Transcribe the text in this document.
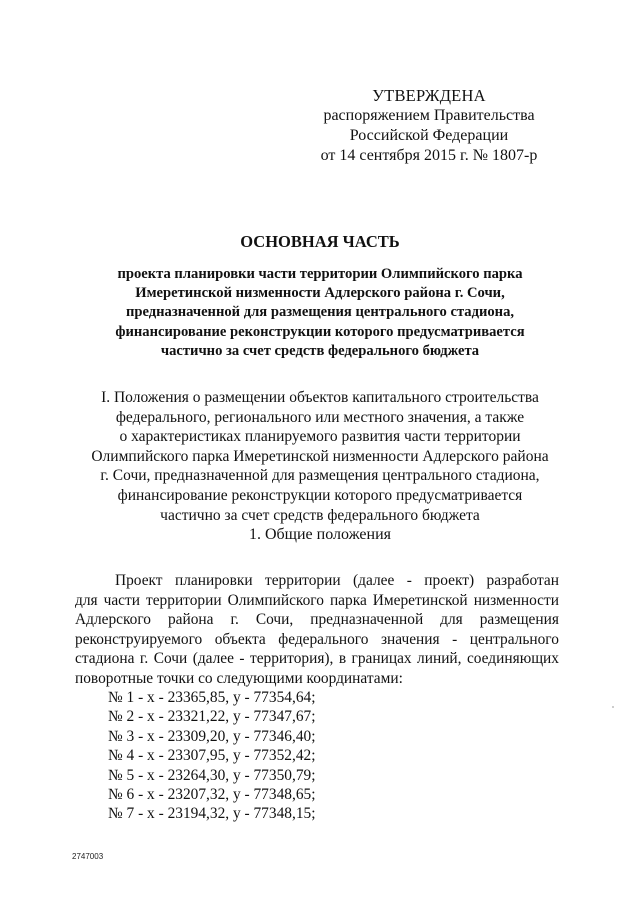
УТВЕРЖДЕНА
распоряжением Правительства
Российской Федерации
от 14 сентября 2015 г. № 1807-р
ОСНОВНАЯ ЧАСТЬ
проекта планировки части территории Олимпийского парка
Имеретинской низменности Адлерского района г. Сочи,
предназначенной для размещения центрального стадиона,
финансирование реконструкции которого предусматривается
частично за счет средств федерального бюджета
I. Положения о размещении объектов капитального строительства
федерального, регионального или местного значения, а также
о характеристиках планируемого развития части территории
Олимпийского парка Имеретинской низменности Адлерского района
г. Сочи, предназначенной для размещения центрального стадиона,
финансирование реконструкции которого предусматривается
частично за счет средств федерального бюджета
1. Общие положения
Проект планировки территории (далее - проект) разработан
для части территории Олимпийского парка Имеретинской низменности
Адлерского района г. Сочи, предназначенной для размещения
реконструируемого объекта федерального значения - центрального
стадиона г. Сочи (далее - территория), в границах линий, соединяющих
поворотные точки со следующими координатами:
№ 1 - х - 23365,85, у - 77354,64;
№ 2 - х - 23321,22, у - 77347,67;
№ 3 - х - 23309,20, у - 77346,40;
№ 4 - х - 23307,95, у - 77352,42;
№ 5 - х - 23264,30, у - 77350,79;
№ 6 - х - 23207,32, у - 77348,65;
№ 7 - х - 23194,32, у - 77348,15;
2747003
